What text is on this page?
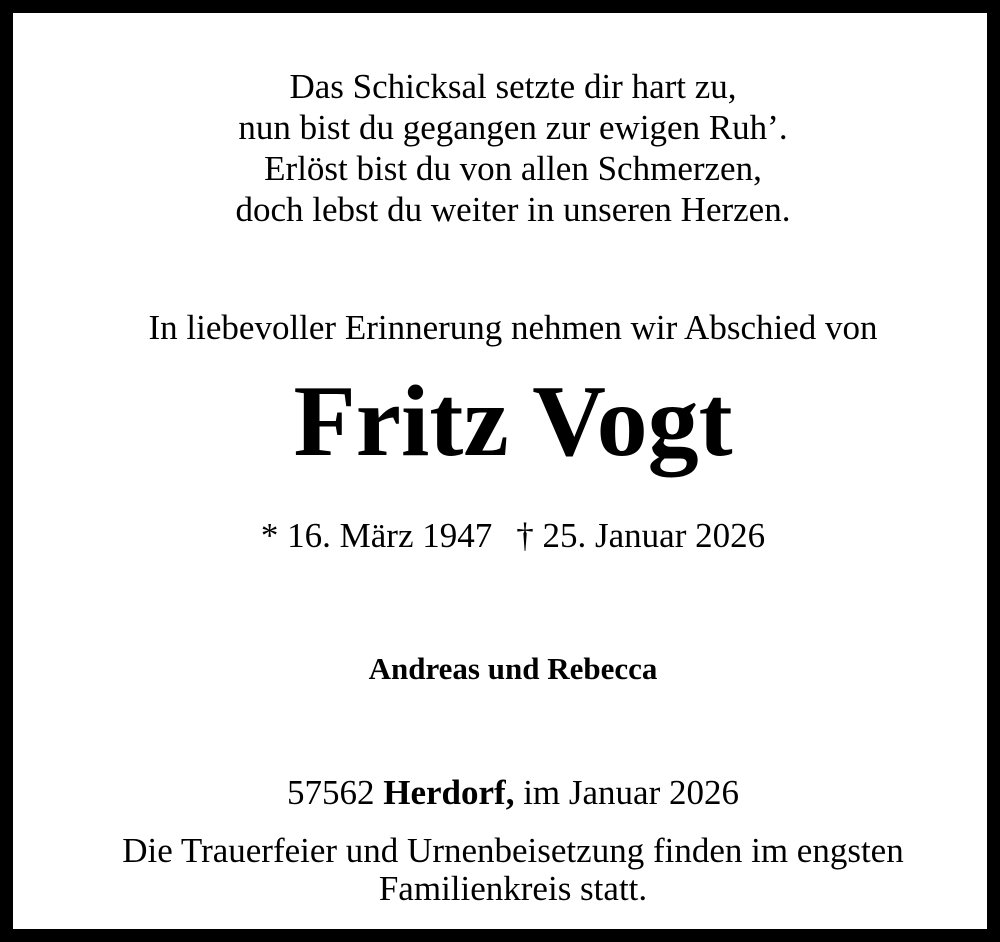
Das Schicksal setzte dir hart zu,
nun bist du gegangen zur ewigen Ruh’.
Erlöst bist du von allen Schmerzen,
doch lebst du weiter in unseren Herzen.
In liebevoller Erinnerung nehmen wir Abschied von
Fritz Vogt
* 16. März 1947 † 25. Januar 2026
Andreas und Rebecca
57562 Herdorf, im Januar 2026
Die Trauerfeier und Urnenbeisetzung finden im engsten
Familienkreis statt.
